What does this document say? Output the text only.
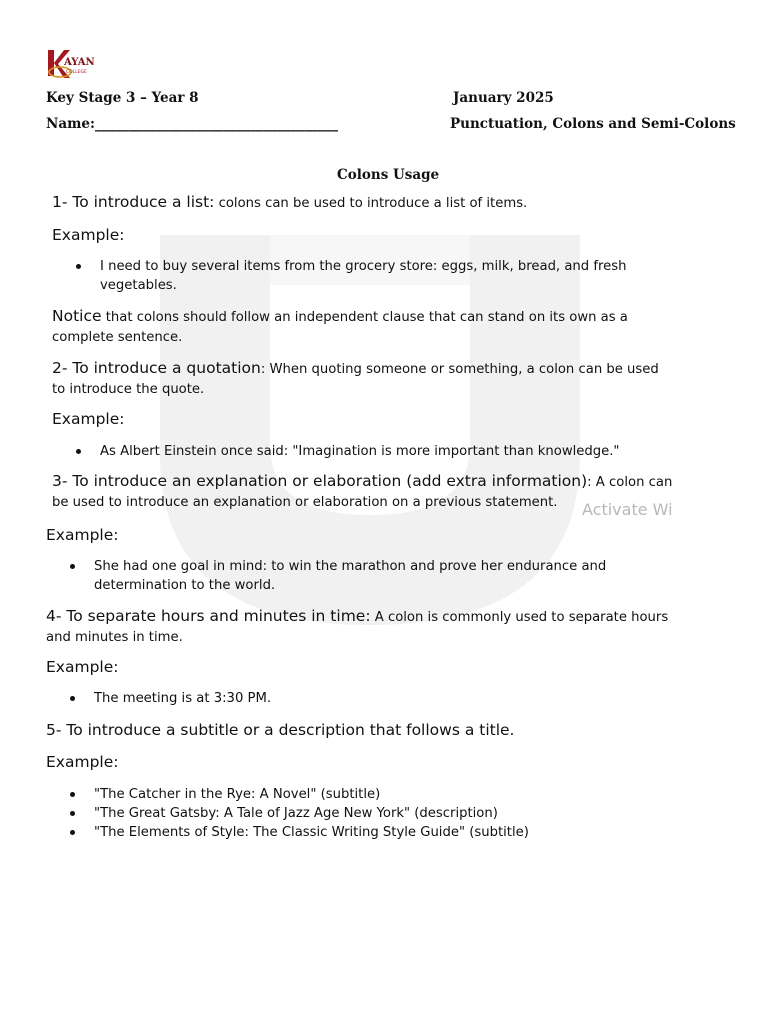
AYAN
COLLEGE
Key Stage 3 – Year 8	January 2025
Name:____________________________________	Punctuation, Colons and Semi-Colons
Colons Usage
1- To introduce a list: colons can be used to introduce a list of items.
Example:
I need to buy several items from the grocery store: eggs, milk, bread, and fresh vegetables.
Notice that colons should follow an independent clause that can stand on its own as a complete sentence.
2- To introduce a quotation: When quoting someone or something, a colon can be used to introduce the quote.
Example:
As Albert Einstein once said: "Imagination is more important than knowledge."
3- To introduce an explanation or elaboration (add extra information): A colon can be used to introduce an explanation or elaboration on a previous statement.	Activate Wi
Example:
She had one goal in mind: to win the marathon and prove her endurance and determination to the world.
4- To separate hours and minutes in time: A colon is commonly used to separate hours and minutes in time.
Example:
The meeting is at 3:30 PM.
5- To introduce a subtitle or a description that follows a title.
Example:
"The Catcher in the Rye: A Novel" (subtitle)
"The Great Gatsby: A Tale of Jazz Age New York" (description)
"The Elements of Style: The Classic Writing Style Guide" (subtitle)
